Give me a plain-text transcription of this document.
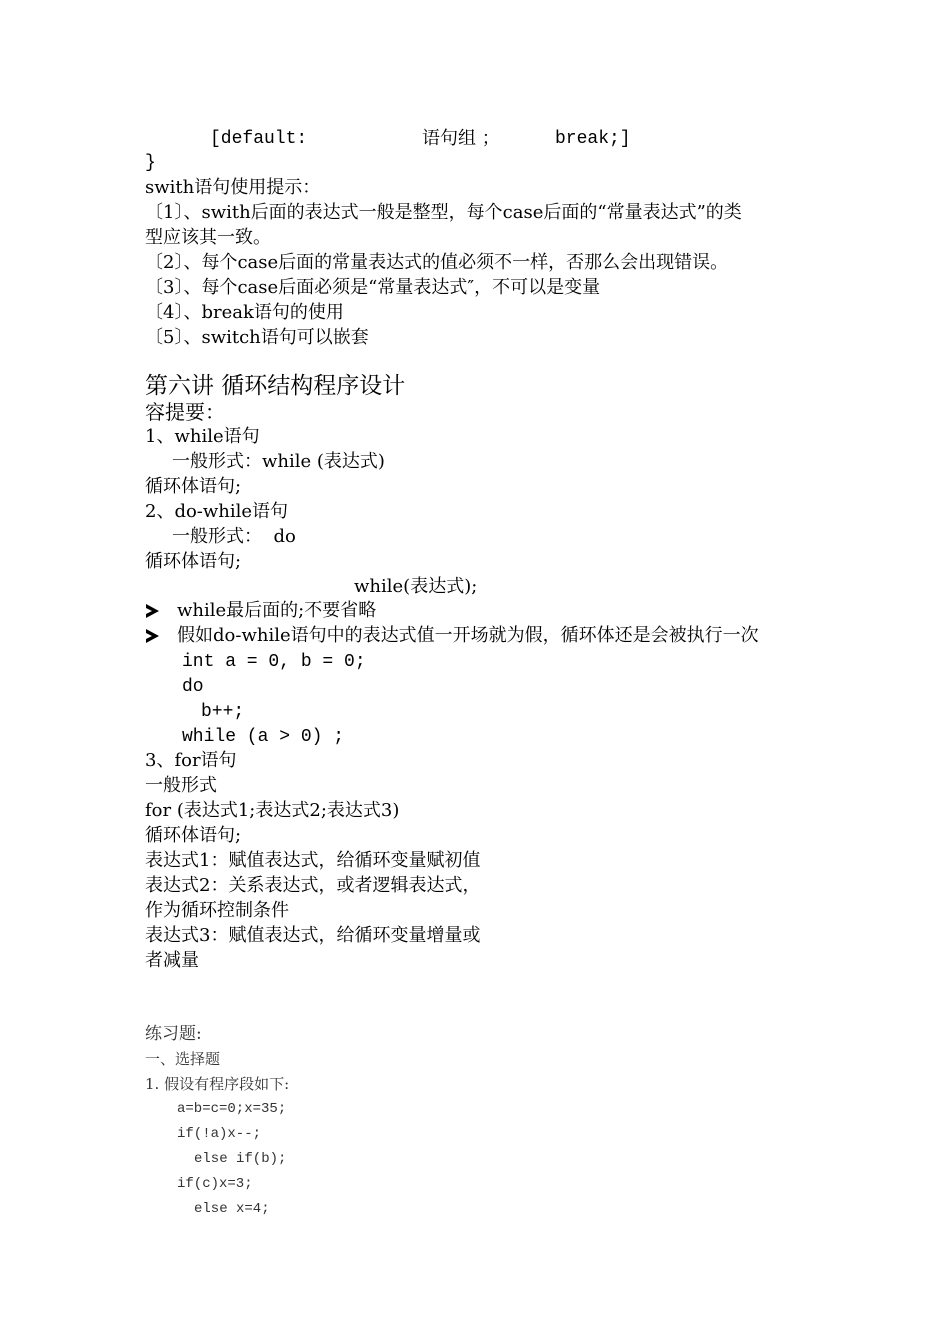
[default:	语句组 ；	break;]
}
swith语句使用提示：
〔1〕、swith后面的表达式一般是整型，每个case后面的“常量表达式”的类
型应该其一致。
〔2〕、每个case后面的常量表达式的值必须不一样，否那么会出现错误。
〔3〕、每个case后面必须是“常量表达式″，不可以是变量
〔4〕、break语句的使用
〔5〕、switch语句可以嵌套
第六讲 循环结构程序设计
容提要：
1、while语句
一般形式：while (表达式)
循环体语句;
2、do-while语句
一般形式：  do
循环体语句;
while(表达式);
while最后面的;不要省略
假如do-while语句中的表达式值一开场就为假，循环体还是会被执行一次
int a = 0, b = 0;
do
b++;
while (a > 0) ;
3、for语句
一般形式
for (表达式1;表达式2;表达式3)
循环体语句;
表达式1：赋值表达式，给循环变量赋初值
表达式2：关系表达式，或者逻辑表达式，
作为循环控制条件
表达式3：赋值表达式，给循环变量增量或
者减量
练习题:
一、选择题
1. 假设有程序段如下:
a=b=c=0;x=35;
if(!a)x--;
else if(b);
if(c)x=3;
else x=4;
